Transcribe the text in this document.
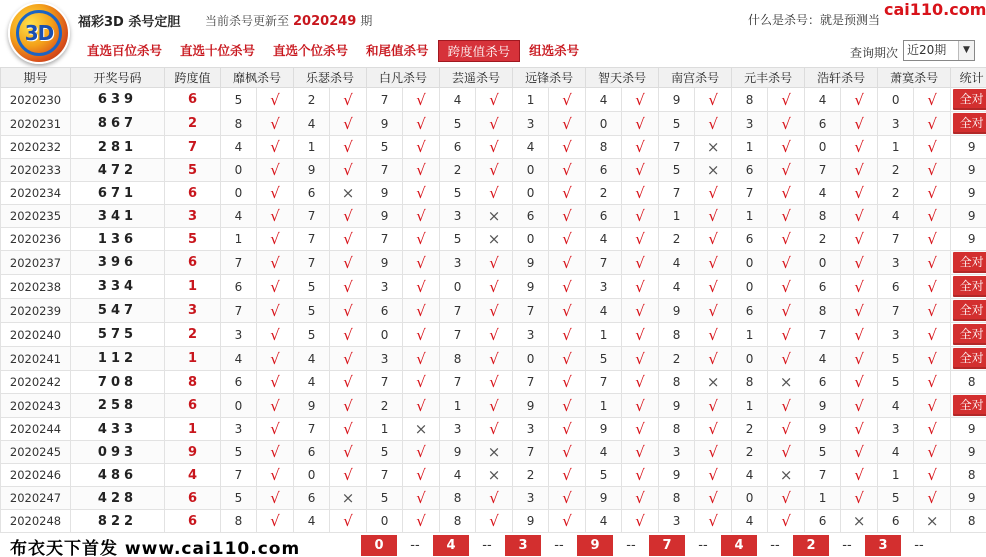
3D	福彩3D 杀号定胆 当前杀号更新至 2020249 期	什么是杀号：就是预测当
cai110.com
直选百位杀号	直选十位杀号	直选个位杀号	和尾值杀号	跨度值杀号	组选杀号	查询期次 近20期	▼
期号	开奖号码	跨度值	靡枫杀号		乐瑟杀号		白凡杀号		芸遥杀号		远锋杀号		智天杀号		南宫杀号		元丰杀号		浩轩杀号		萧寞杀号		统计
2020230	639	6	5	√	2	√	7	√	4	√	1	√	4	√	9	√	8	√	4	√	0	√	全对
2020231	867	2	8	√	4	√	9	√	5	√	3	√	0	√	5	√	3	√	6	√	3	√	全对
2020232	281	7	4	√	1	√	5	√	6	√	4	√	8	√	7	×	1	√	0	√	1	√	9
2020233	472	5	0	√	9	√	7	√	2	√	0	√	6	√	5	×	6	√	7	√	2	√	9
2020234	671	6	0	√	6	×	9	√	5	√	0	√	2	√	7	√	7	√	4	√	2	√	9
2020235	341	3	4	√	7	√	9	√	3	×	6	√	6	√	1	√	1	√	8	√	4	√	9
2020236	136	5	1	√	7	√	7	√	5	×	0	√	4	√	2	√	6	√	2	√	7	√	9
2020237	396	6	7	√	7	√	9	√	3	√	9	√	7	√	4	√	0	√	0	√	3	√	全对
2020238	334	1	6	√	5	√	3	√	0	√	9	√	3	√	4	√	0	√	6	√	6	√	全对
2020239	547	3	7	√	5	√	6	√	7	√	7	√	4	√	9	√	6	√	8	√	7	√	全对
2020240	575	2	3	√	5	√	0	√	7	√	3	√	1	√	8	√	1	√	7	√	3	√	全对
2020241	112	1	4	√	4	√	3	√	8	√	0	√	5	√	2	√	0	√	4	√	5	√	全对
2020242	708	8	6	√	4	√	7	√	7	√	7	√	7	√	8	×	8	×	6	√	5	√	8
2020243	258	6	0	√	9	√	2	√	1	√	9	√	1	√	9	√	1	√	9	√	4	√	全对
2020244	433	1	3	√	7	√	1	×	3	√	3	√	9	√	8	√	2	√	9	√	3	√	9
2020245	093	9	5	√	6	√	5	√	9	×	7	√	4	√	3	√	2	√	5	√	4	√	9
2020246	486	4	7	√	0	√	7	√	4	×	2	√	5	√	9	√	4	×	7	√	1	√	8
2020247	428	6	5	√	6	×	5	√	8	√	3	√	9	√	8	√	0	√	1	√	5	√	9
2020248	822	6	8	√	4	√	0	√	8	√	9	√	4	√	3	√	4	√	6	×	6	×	8
布衣天下首发 www.cai110.com	0	--	4	--	3	--	9	--	7	--	4	--	2	--	3	--
